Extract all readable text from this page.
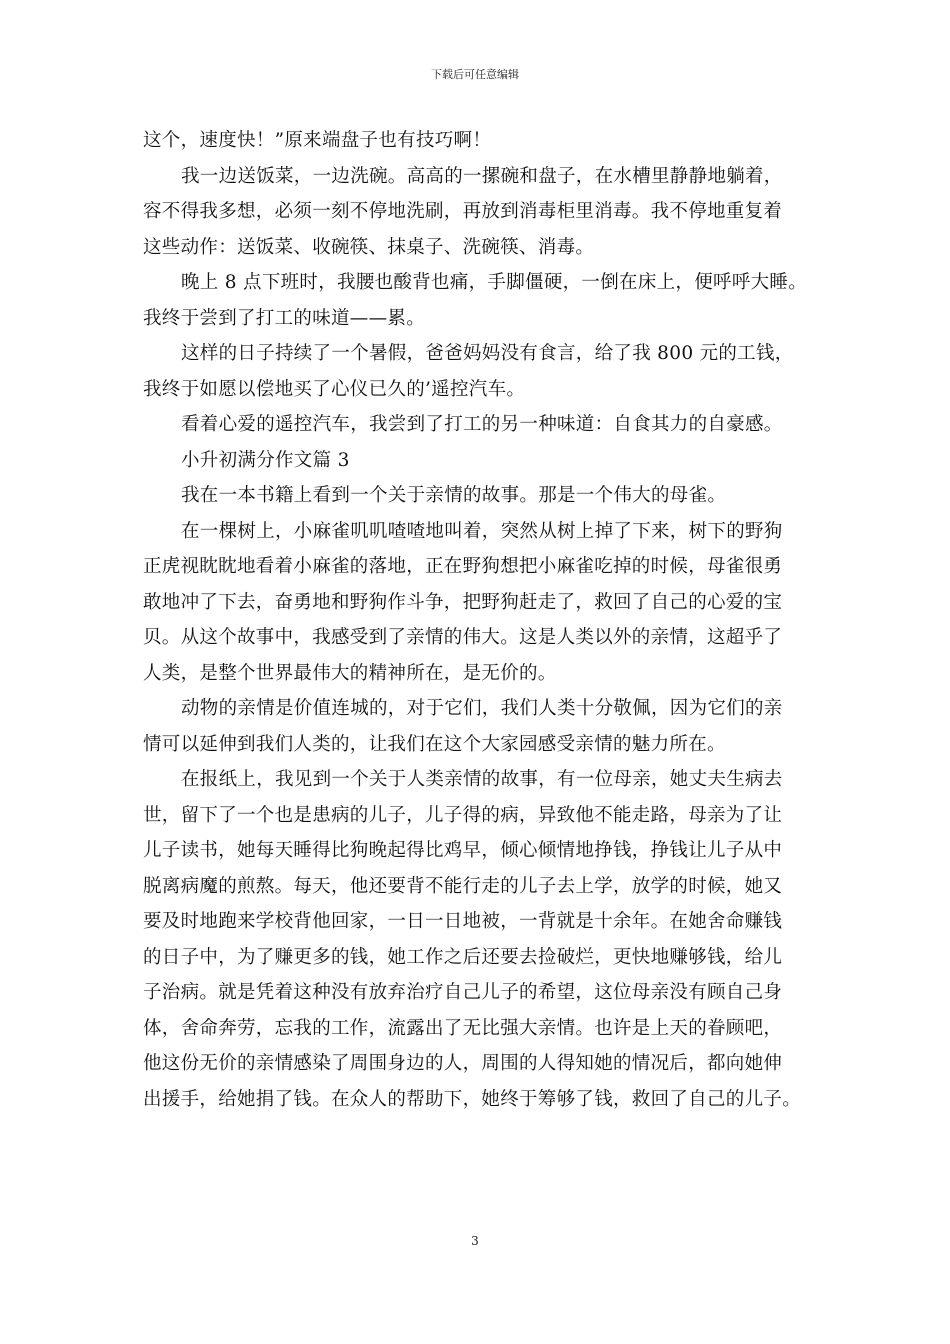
下载后可任意编辑
这个，速度快！”原来端盘子也有技巧啊！
我一边送饭菜，一边洗碗。高高的一摞碗和盘子，在水槽里静静地躺着，
容不得我多想，必须一刻不停地洗刷，再放到消毒柜里消毒。我不停地重复着
这些动作：送饭菜、收碗筷、抹桌子、洗碗筷、消毒。
晚上 8 点下班时，我腰也酸背也痛，手脚僵硬，一倒在床上，便呼呼大睡。
我终于尝到了打工的味道——累。
这样的日子持续了一个暑假，爸爸妈妈没有食言，给了我 800 元的工钱，
我终于如愿以偿地买了心仪已久的’遥控汽车。
看着心爱的遥控汽车，我尝到了打工的另一种味道：自食其力的自豪感。
小升初满分作文篇 3
我在一本书籍上看到一个关于亲情的故事。那是一个伟大的母雀。
在一棵树上，小麻雀叽叽喳喳地叫着，突然从树上掉了下来，树下的野狗
正虎视眈眈地看着小麻雀的落地，正在野狗想把小麻雀吃掉的时候，母雀很勇
敢地冲了下去，奋勇地和野狗作斗争，把野狗赶走了，救回了自己的心爱的宝
贝。从这个故事中，我感受到了亲情的伟大。这是人类以外的亲情，这超乎了
人类，是整个世界最伟大的精神所在，是无价的。
动物的亲情是价值连城的，对于它们，我们人类十分敬佩，因为它们的亲
情可以延伸到我们人类的，让我们在这个大家园感受亲情的魅力所在。
在报纸上，我见到一个关于人类亲情的故事，有一位母亲，她丈夫生病去
世，留下了一个也是患病的儿子，儿子得的病，异致他不能走路，母亲为了让
儿子读书，她每天睡得比狗晚起得比鸡早，倾心倾情地挣钱，挣钱让儿子从中
脱离病魔的煎熬。每天，他还要背不能行走的儿子去上学，放学的时候，她又
要及时地跑来学校背他回家，一日一日地被，一背就是十余年。在她舍命赚钱
的日子中，为了赚更多的钱，她工作之后还要去捡破烂，更快地赚够钱，给儿
子治病。就是凭着这种没有放弃治疗自己儿子的希望，这位母亲没有顾自己身
体，舍命奔劳，忘我的工作，流露出了无比强大亲情。也许是上天的眷顾吧，
他这份无价的亲情感染了周围身边的人，周围的人得知她的情况后，都向她伸
出援手，给她捐了钱。在众人的帮助下，她终于筹够了钱，救回了自己的儿子。
3
